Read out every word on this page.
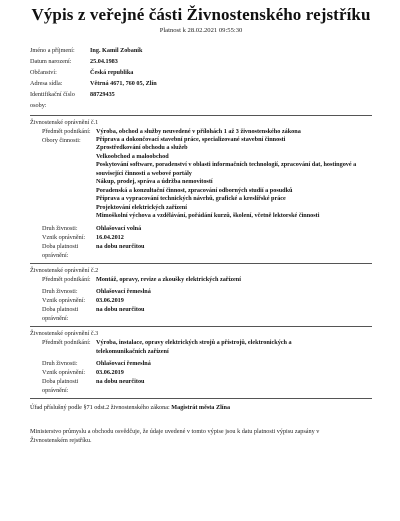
Výpis z veřejné části Živnostenského rejstříku
Platnost k 28.02.2021 09:55:30
Jméno a příjmení:	Ing. Kamil Zobaník
Datum narození:	25.04.1983
Občanství:	Česká republika
Adresa sídla:	Větrná 4671, 760 05, Zlín
Identifikační číslo osoby:
88729435
Živnostenské oprávnění č.1
Předmět podnikání: Výroba, obchod a služby neuvedené v přílohách 1 až 3 živnostenského zákona
Obory činnosti:	Příprava a dokončovací stavební práce, specializované stavební činnosti
Zprostředkování obchodu a služeb
Velkoobchod a maloobchod
Poskytování software, poradenství v oblasti informačních technologií, zpracování dat, hostingové a související činnosti a webové portály
Nákup, prodej, správa a údržba nemovitostí
Poradenská a konzultační činnost, zpracování odborných studií a posudků
Příprava a vypracování technických návrhů, grafické a kreslířské práce
Projektování elektrických zařízení
Mimoškolní výchova a vzdělávání, pořádání kurzů, školení, včetně lektorské činnosti
Druh živnosti:	Ohlašovací volná
Vznik oprávnění:	16.04.2012
Doba platnosti oprávnění:
na dobu neurčitou
Živnostenské oprávnění č.2
Předmět podnikání: Montáž, opravy, revize a zkoušky elektrických zařízení
Druh živnosti:	Ohlašovací řemeslná
Vznik oprávnění:	03.06.2019
Doba platnosti oprávnění:
na dobu neurčitou
Živnostenské oprávnění č.3
Předmět podnikání: Výroba, instalace, opravy elektrických strojů a přístrojů, elektronických a telekomunikačních zařízení
Druh živnosti:	Ohlašovací řemeslná
Vznik oprávnění:	03.06.2019
Doba platnosti oprávnění:
na dobu neurčitou
Úřad příslušný podle §71 odst.2 živnostenského zákona: Magistrát města Zlína
Ministerstvo průmyslu a obchodu osvědčuje, že údaje uvedené v tomto výpise jsou k datu platnosti výpisu zapsány v Živnostenském rejstříku.
